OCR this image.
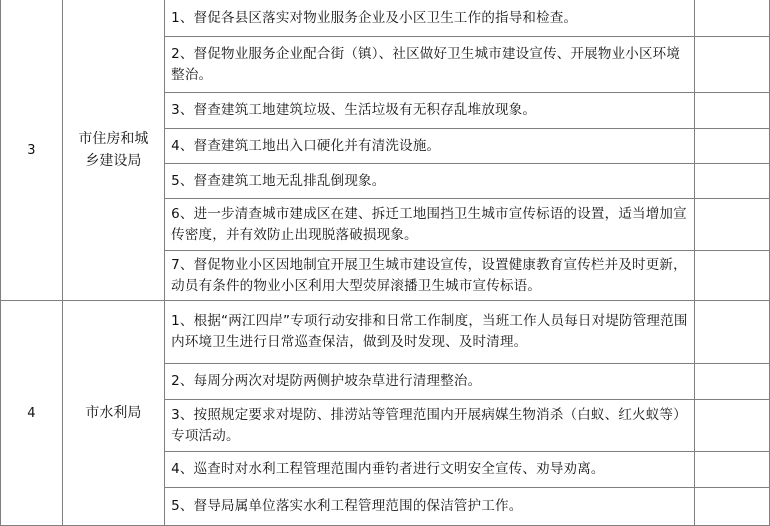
3	市住房和城乡建设局	1、督促各县区落实对物业服务企业及小区卫生工作的指导和检查。	
		2、督促物业服务企业配合街（镇）、社区做好卫生城市建设宣传、开展物业小区环境整治。	
		3、督查建筑工地建筑垃圾、生活垃圾有无积存乱堆放现象。	
		4、督查建筑工地出入口硬化并有清洗设施。	
		5、督查建筑工地无乱排乱倒现象。	
		6、进一步清查城市建成区在建、拆迁工地围挡卫生城市宣传标语的设置，适当增加宣传密度，并有效防止出现脱落破损现象。	
		7、督促物业小区因地制宜开展卫生城市建设宣传，设置健康教育宣传栏并及时更新，动员有条件的物业小区利用大型荧屏滚播卫生城市宣传标语。	
4	市水利局	1、根据“两江四岸”专项行动安排和日常工作制度，当班工作人员每日对堤防管理范围内环境卫生进行日常巡查保洁，做到及时发现、及时清理。	
		2、每周分两次对堤防两侧护坡杂草进行清理整治。	
		3、按照规定要求对堤防、排涝站等管理范围内开展病媒生物消杀（白蚁、红火蚁等）专项活动。	
		4、巡查时对水利工程管理范围内垂钓者进行文明安全宣传、劝导劝离。	
		5、督导局属单位落实水利工程管理范围的保洁管护工作。	
